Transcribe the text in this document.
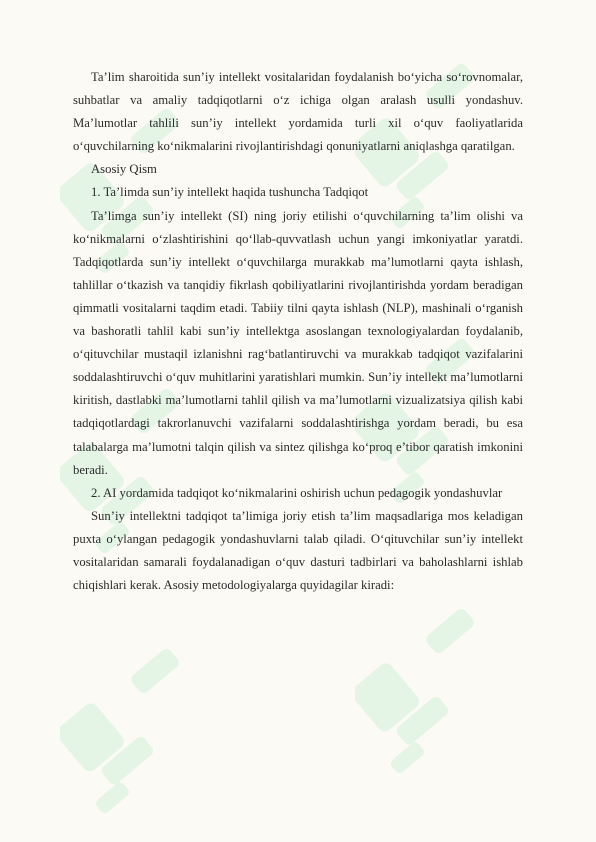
Ta’lim sharoitida sun’iy intellekt vositalaridan foydalanish bo‘yicha so‘rovnomalar, suhbatlar va amaliy tadqiqotlarni o‘z ichiga olgan aralash usulli yondashuv. Ma’lumotlar tahlili sun’iy intellekt yordamida turli xil o‘quv faoliyatlarida o‘quvchilarning ko‘nikmalarini rivojlantirishdagi qonuniyatlarni aniqlashga qaratilgan.

Asosiy Qism

1. Ta’limda sun’iy intellekt haqida tushuncha Tadqiqot

Ta’limga sun’iy intellekt (SI) ning joriy etilishi o‘quvchilarning ta’lim olishi va ko‘nikmalarni o‘zlashtirishini qo‘llab-quvvatlash uchun yangi imkoniyatlar yaratdi. Tadqiqotlarda sun’iy intellekt o‘quvchilarga murakkab ma’lumotlarni qayta ishlash, tahlillar o‘tkazish va tanqidiy fikrlash qobiliyatlarini rivojlantirishda yordam beradigan qimmatli vositalarni taqdim etadi. Tabiiy tilni qayta ishlash (NLP), mashinali o‘rganish va bashoratli tahlil kabi sun’iy intellektga asoslangan texnologiyalardan foydalanib, o‘qituvchilar mustaqil izlanishni rag‘batlantiruvchi va murakkab tadqiqot vazifalarini soddalashtiruvchi o‘quv muhitlarini yaratishlari mumkin. Sun’iy intellekt ma’lumotlarni kiritish, dastlabki ma’lumotlarni tahlil qilish va ma’lumotlarni vizualizatsiya qilish kabi tadqiqotlardagi takrorlanuvchi vazifalarni soddalashtirishga yordam beradi, bu esa talabalarga ma’lumotni talqin qilish va sintez qilishga ko‘proq e’tibor qaratish imkonini beradi.

2. AI yordamida tadqiqot ko‘nikmalarini oshirish uchun pedagogik yondashuvlar

Sun’iy intellektni tadqiqot ta’limiga joriy etish ta’lim maqsadlariga mos keladigan puxta o‘ylangan pedagogik yondashuvlarni talab qiladi. O‘qituvchilar sun’iy intellekt vositalaridan samarali foydalanadigan o‘quv dasturi tadbirlari va baholashlarni ishlab chiqishlari kerak. Asosiy metodologiyalarga quyidagilar kiradi:
